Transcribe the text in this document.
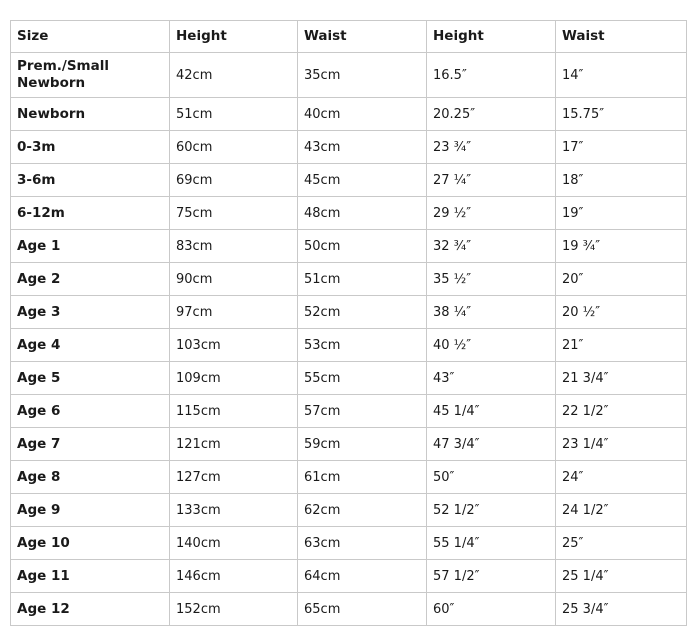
Size	Height	Waist	Height	Waist
Prem./Small Newborn	42cm	35cm	16.5″	14″
Newborn	51cm	40cm	20.25″	15.75″
0-3m	60cm	43cm	23 ¾″	17″
3-6m	69cm	45cm	27 ¼″	18″
6-12m	75cm	48cm	29 ½″	19″
Age 1	83cm	50cm	32 ¾″	19 ¾″
Age 2	90cm	51cm	35 ½″	20″
Age 3	97cm	52cm	38 ¼″	20 ½″
Age 4	103cm	53cm	40 ½″	21″
Age 5	109cm	55cm	43″	21 3/4″
Age 6	115cm	57cm	45 1/4″	22 1/2″
Age 7	121cm	59cm	47 3/4″	23 1/4″
Age 8	127cm	61cm	50″	24″
Age 9	133cm	62cm	52 1/2″	24 1/2″
Age 10	140cm	63cm	55 1/4″	25″
Age 11	146cm	64cm	57 1/2″	25 1/4″
Age 12	152cm	65cm	60″	25 3/4″
